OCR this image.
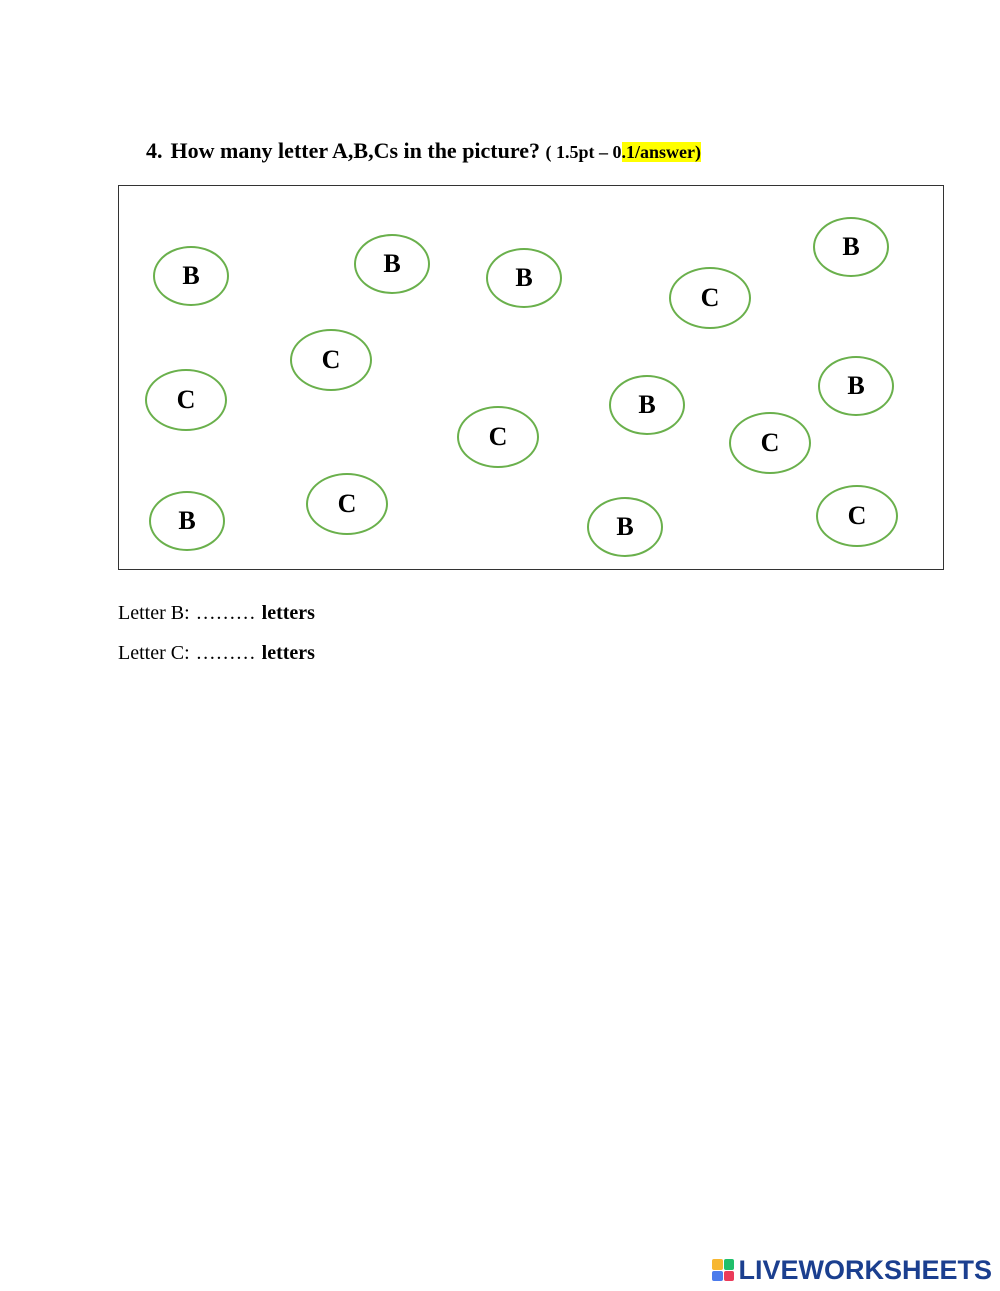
4. How many letter A,B,Cs in the picture? ( 1.5pt – 0.1/answer)
B	B	B
C
B
C
C	B
B
C	C
B
C
B	C
Letter B: ……… letters
Letter C: ……… letters
LIVEWORKSHEETS
